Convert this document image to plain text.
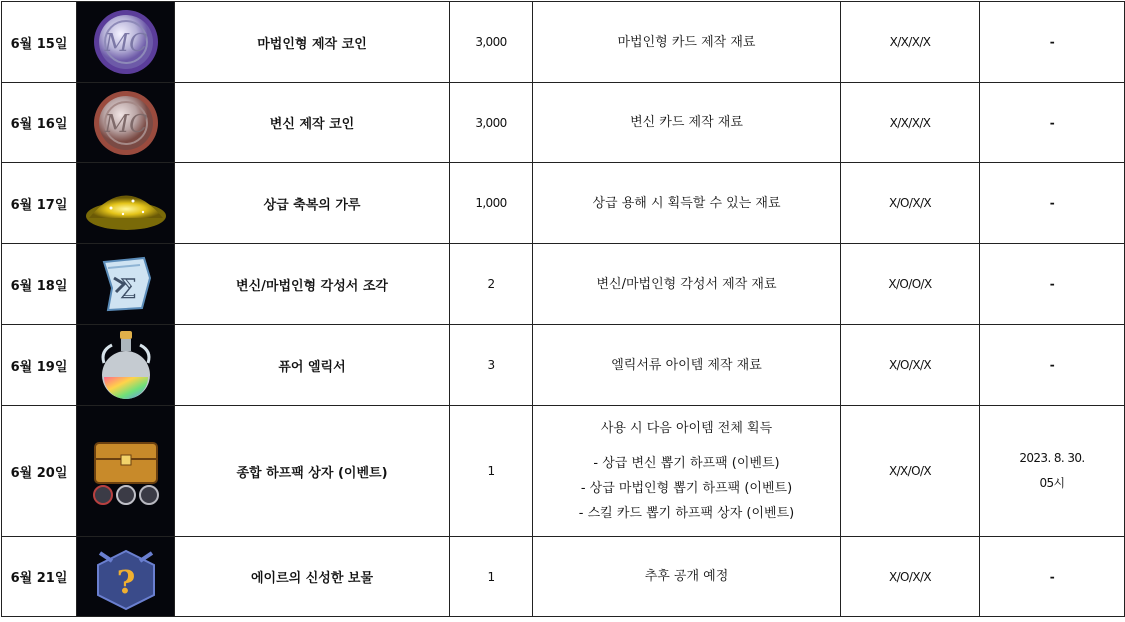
6월 15일	MC	마법인형 제작 코인	3,000	마법인형 카드 제작 재료	X/X/X/X	-
6월 16일	MC	변신 제작 코인	3,000	변신 카드 제작 재료	X/X/X/X	-
6월 17일		상급 축복의 가루	1,000	상급 용해 시 획득할 수 있는 재료	X/O/X/X	-
6월 18일	⅀	변신/마법인형 각성서 조각	2	변신/마법인형 각성서 제작 재료	X/O/O/X	-
6월 19일		퓨어 엘릭서	3	엘릭서류 아이템 제작 재료	X/O/X/X	-
6월 20일		종합 하프팩 상자 (이벤트)	1	사용 시 다음 아이템 전체 획득
- 상급 변신 뽑기 하프팩 (이벤트)
- 상급 마법인형 뽑기 하프팩 (이벤트)
- 스킬 카드 뽑기 하프팩 상자 (이벤트)	X/X/O/X	2023. 8. 30.
05시

6월 21일	?	에이르의 신성한 보물	1	추후 공개 예정	X/O/X/X	-
